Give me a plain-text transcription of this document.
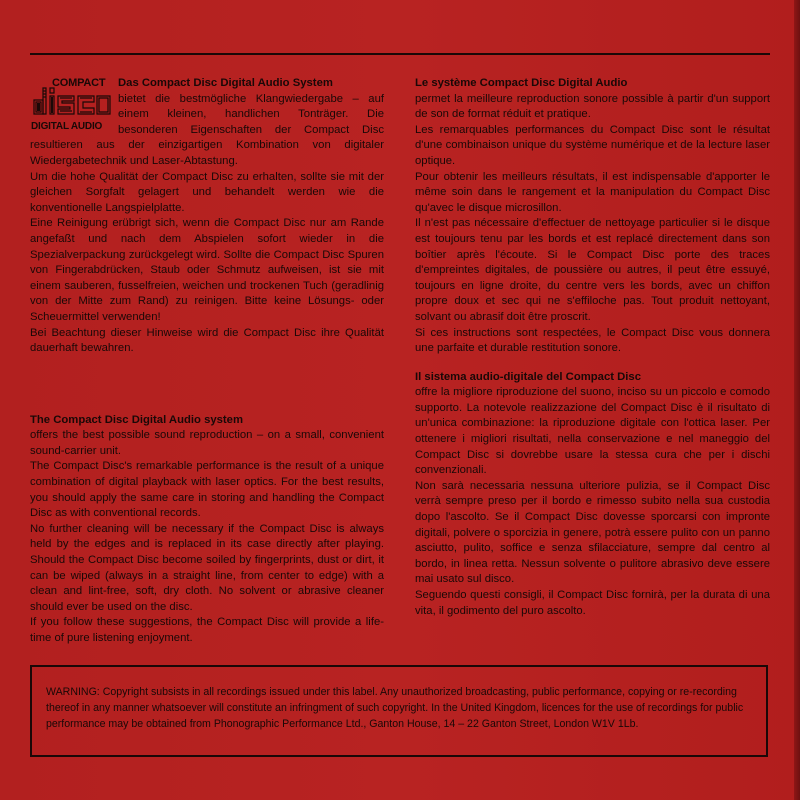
COMPACT
DIGITAL AUDIO
Das Compact Disc Digital Audio System

bietet die bestmögliche Klangwiedergabe – auf einem kleinen, handlichen Tonträger. Die besonderen Eigenschaften der Compact Disc resultieren aus der einzigartigen Kombination von digitaler Wiedergabetechnik und Laser-Abtastung.

Um die hohe Qualität der Compact Disc zu erhalten, sollte sie mit der gleichen Sorgfalt gelagert und behandelt werden wie die konventionelle Langspielplatte.

Eine Reinigung erübrigt sich, wenn die Compact Disc nur am Rande angefaßt und nach dem Abspielen sofort wieder in die Spezialverpackung zurückgelegt wird. Sollte die Compact Disc Spuren von Fingerabdrücken, Staub oder Schmutz aufweisen, ist sie mit einem sauberen, fusselfreien, weichen und trockenen Tuch (geradlinig von der Mitte zum Rand) zu reinigen. Bitte keine Lösungs- oder Scheuermittel verwenden!

Bei Beachtung dieser Hinweise wird die Compact Disc ihre Qualität dauerhaft bewahren.

The Compact Disc Digital Audio system

offers the best possible sound reproduction – on a small, convenient sound-carrier unit.

The Compact Disc's remarkable performance is the result of a unique combination of digital playback with laser optics. For the best results, you should apply the same care in storing and handling the Compact Disc as with conventional records.

No further cleaning will be necessary if the Compact Disc is always held by the edges and is replaced in its case directly after playing. Should the Compact Disc become soiled by fingerprints, dust or dirt, it can be wiped (always in a straight line, from center to edge) with a clean and lint-free, soft, dry cloth. No solvent or abrasive cleaner should ever be used on the disc.

If you follow these suggestions, the Compact Disc will provide a life-time of pure listening enjoyment.

Le système Compact Disc Digital Audio

permet la meilleure reproduction sonore possible à partir d'un support de son de format réduit et pratique.

Les remarquables performances du Compact Disc sont le résultat d'une combinaison unique du système numérique et de la lecture laser optique.

Pour obtenir les meilleurs résultats, il est indispensable d'apporter le même soin dans le rangement et la manipulation du Compact Disc qu'avec le disque microsillon.

Il n'est pas nécessaire d'effectuer de nettoyage particulier si le disque est toujours tenu par les bords et est replacé directement dans son boîtier après l'écoute. Si le Compact Disc porte des traces d'empreintes digitales, de poussière ou autres, il peut être essuyé, toujours en ligne droite, du centre vers les bords, avec un chiffon propre doux et sec qui ne s'effiloche pas. Tout produit nettoyant, solvant ou abrasif doit être proscrit.

Si ces instructions sont respectées, le Compact Disc vous donnera une parfaite et durable restitution sonore.

Il sistema audio-digitale del Compact Disc

offre la migliore riproduzione del suono, inciso su un piccolo e comodo supporto. La notevole realizzazione del Compact Disc è il risultato di un'unica combinazione: la riproduzione digitale con l'ottica laser. Per ottenere i migliori risultati, nella conservazione e nel maneggio del Compact Disc si dovrebbe usare la stessa cura che per i dischi convenzionali.

Non sarà necessaria nessuna ulteriore pulizia, se il Compact Disc verrà sempre preso per il bordo e rimesso subito nella sua custodia dopo l'ascolto. Se il Compact Disc dovesse sporcarsi con impronte digitali, polvere o sporcizia in genere, potrà essere pulito con un panno asciutto, pulito, soffice e senza sfilacciature, sempre dal centro al bordo, in linea retta. Nessun solvente o pulitore abrasivo deve essere mai usato sul disco.

Seguendo questi consigli, il Compact Disc fornirà, per la durata di una vita, il godimento del puro ascolto.

WARNING: Copyright subsists in all recordings issued under this label. Any unauthorized broadcasting, public performance, copying or re-recording thereof in any manner whatsoever will constitute an infringment of such copyright. In the United Kingdom, licences for the use of recordings for public performance may be obtained from Phonographic Performance Ltd., Ganton House, 14 – 22 Ganton Street, London W1V 1Lb.
